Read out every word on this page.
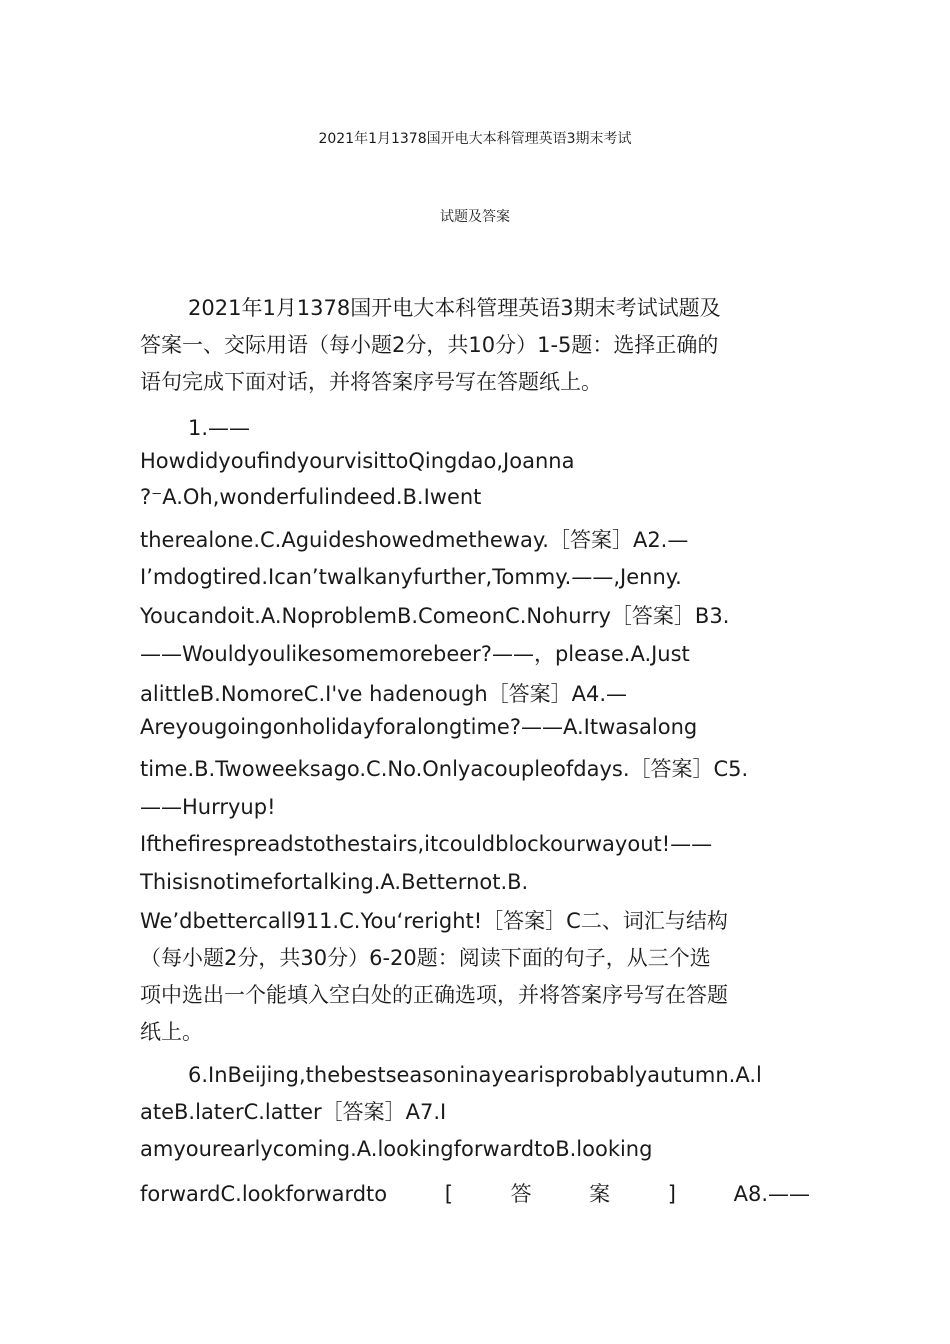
2021年1月1378国开电大本科管理英语3期末考试
试题及答案

2021年1月1378国开电大本科管理英语3期末考试试题及

答案一、交际用语（每小题2分，共10分）1-5题：选择正确的

语句完成下面对话，并将答案序号写在答题纸上。

1.——

HowdidyoufindyourvisittoQingdao,Joanna

?⁻A.Oh,wonderfulindeed.B.Iwent

therealone.C.Aguideshowedmetheway.［答案］A2.—

I’mdogtired.Ican’twalkanyfurther,Tommy.——,Jenny.

Youcandoit.A.NoproblemB.ComeonC.Nohurry［答案］B3.

——Wouldyoulikesomemorebeer?——，please.A.Just

alittleB.NomoreC.I've hadenough［答案］A4.—

Areyougoingonholidayforalongtime?——A.Itwasalong

time.B.Twoweeksago.C.No.Onlyacoupleofdays.［答案］C5.

——Hurryup!

Ifthefirespreadstothestairs,itcouldblockourwayout!——

Thisisnotimefortalking.A.Betternot.B.

We’dbettercall911.C.You‘reright!［答案］C二、词汇与结构

（每小题2分，共30分）6-20题：阅读下面的句子，从三个选

项中选出一个能填入空白处的正确选项，并将答案序号写在答题

纸上。

6.InBeijing,thebestseasoninayearisprobablyautumn.A.l

ateB.laterC.latter［答案］A7.I

amyourearlycoming.A.lookingforwardtoB.looking

forwardC.lookforwardto	[	答	案	]	A8.——
